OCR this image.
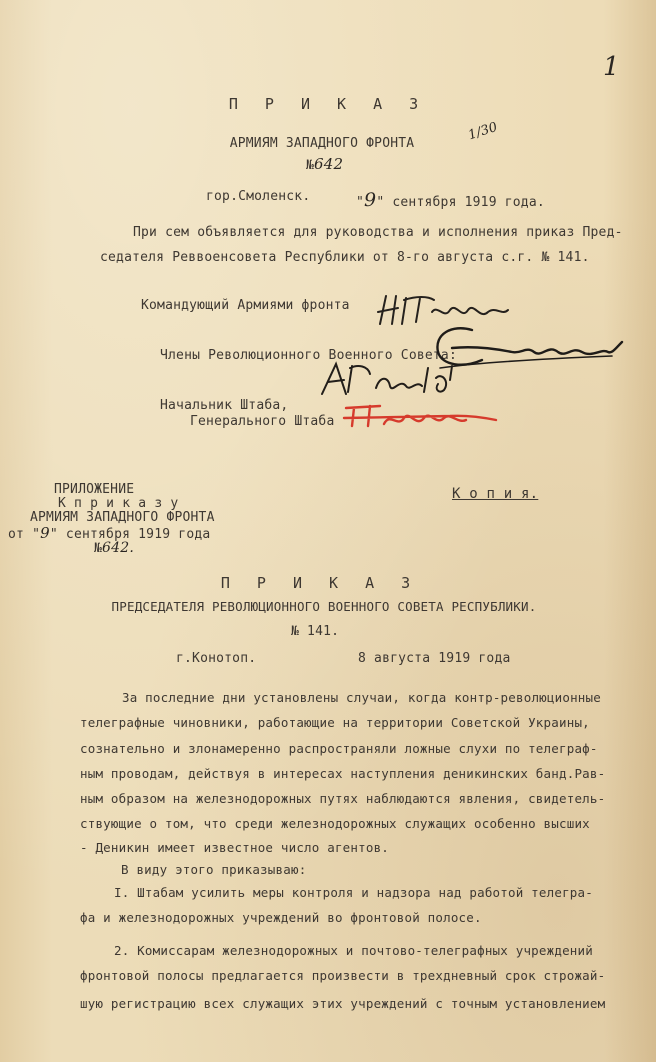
1
1/30
П Р И К А З
АРМИЯМ ЗАПАДНОГО ФРОНТА
№642
гор.Смоленск.	"9" сентября 1919 года.
При сем объявляется для руководства и исполнения приказ Пред-
седателя Реввоенсовета Республики от 8-го августа с.г. № 141.
Командующий Армиями фронта
Члены Революционного Военного Совета:
Начальник Штаба,
Генерального Штаба
ПРИЛОЖЕНИЕ
К п р и к а з у
АРМИЯМ ЗАПАДНОГО ФРОНТА
от "9" сентября 1919 года
№642.
К о п и я.
П Р И К А З
ПРЕДСЕДАТЕЛЯ РЕВОЛЮЦИОННОГО ВОЕННОГО СОВЕТА РЕСПУБЛИКИ.
№ 141.
г.Конотоп.	8 августа 1919 года
За последние дни установлены случаи, когда контр-революционные
телеграфные чиновники, работающие на территории Советской Украины,
сознательно и злонамеренно распространяли ложные слухи по телеграф-
ным проводам, действуя в интересах наступления деникинских банд.Рав-
ным образом на железнодорожных путях наблюдаются явления, свидетель-
ствующие о том, что среди железнодорожных служащих особенно высших
- Деникин имеет известное число агентов.
В виду этого приказываю:
I. Штабам усилить меры контроля и надзора над работой телегра-
фа и железнодорожных учреждений во фронтовой полосе.
2. Комиссарам железнодорожных и почтово-телеграфных учреждений
фронтовой полосы предлагается произвести в трехдневный срок строжай-
шую регистрацию всех служащих этих учреждений с точным установлением
